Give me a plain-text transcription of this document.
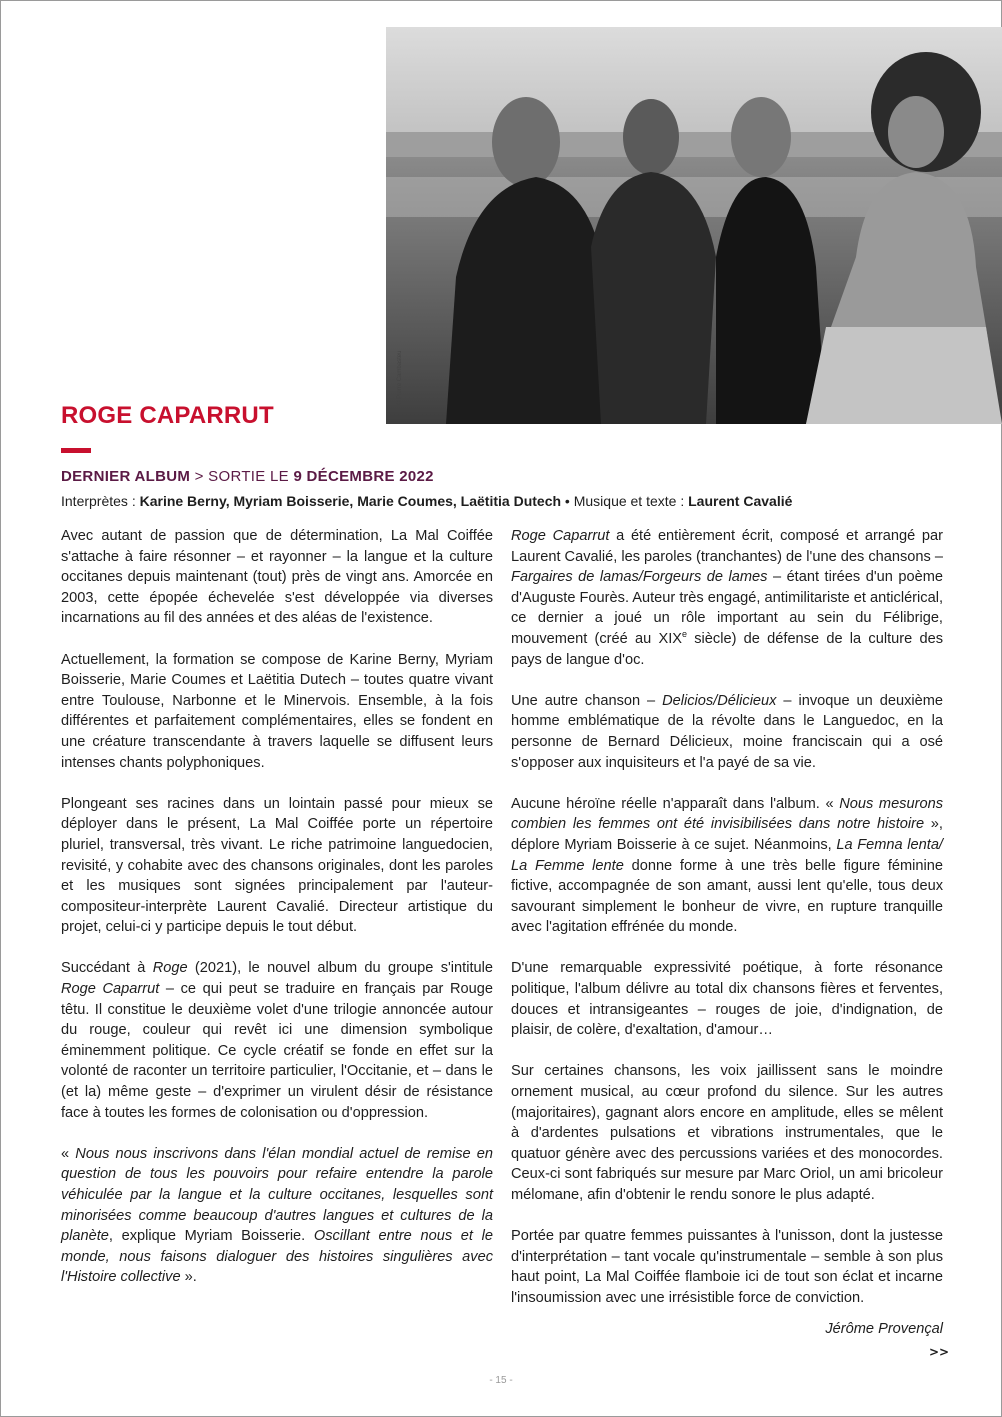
© Pierre Cambasteu
ROGE CAPARRUT
DERNIER ALBUM > SORTIE LE 9 DÉCEMBRE 2022
Interprètes : Karine Berny, Myriam Boisserie, Marie Coumes, Laëtitia Dutech • Musique et texte : Laurent Cavalié

Avec autant de passion que de détermination, La Mal Coiffée s'attache à faire résonner – et rayonner – la langue et la culture occitanes depuis maintenant (tout) près de vingt ans. Amorcée en 2003, cette épopée échevelée s'est développée via diverses incarnations au fil des années et des aléas de l'existence.

Actuellement, la formation se compose de Karine Berny, Myriam Boisserie, Marie Coumes et Laëtitia Dutech – toutes quatre vivant entre Toulouse, Narbonne et le Minervois. Ensemble, à la fois différentes et parfaitement complémentaires, elles se fondent en une créature transcendante à travers laquelle se diffusent leurs intenses chants polyphoniques.

Plongeant ses racines dans un lointain passé pour mieux se déployer dans le présent, La Mal Coiffée porte un répertoire pluriel, transversal, très vivant. Le riche patrimoine languedocien, revisité, y cohabite avec des chansons originales, dont les paroles et les musiques sont signées principalement par l'auteur-compositeur-interprète Laurent Cavalié. Directeur artistique du projet, celui-ci y participe depuis le tout début.

Succédant à Roge (2021), le nouvel album du groupe s'intitule Roge Caparrut – ce qui peut se traduire en français par Rouge têtu. Il constitue le deuxième volet d'une trilogie annoncée autour du rouge, couleur qui revêt ici une dimension symbolique éminemment politique. Ce cycle créatif se fonde en effet sur la volonté de raconter un territoire particulier, l'Occitanie, et – dans le (et la) même geste – d'exprimer un virulent désir de résistance face à toutes les formes de colonisation ou d'oppression.

« Nous nous inscrivons dans l'élan mondial actuel de remise en question de tous les pouvoirs pour refaire entendre la parole véhiculée par la langue et la culture occitanes, lesquelles sont minorisées comme beaucoup d'autres langues et cultures de la planète, explique Myriam Boisserie. Oscillant entre nous et le monde, nous faisons dialoguer des histoires singulières avec l'Histoire collective ».

Roge Caparrut a été entièrement écrit, composé et arrangé par Laurent Cavalié, les paroles (tranchantes) de l'une des chansons – Fargaires de lamas/Forgeurs de lames – étant tirées d'un poème d'Auguste Fourès. Auteur très engagé, antimilitariste et anticlérical, ce dernier a joué un rôle important au sein du Félibrige, mouvement (créé au XIXe siècle) de défense de la culture des pays de langue d'oc.

Une autre chanson – Delicios/Délicieux – invoque un deuxième homme emblématique de la révolte dans le Languedoc, en la personne de Bernard Délicieux, moine franciscain qui a osé s'opposer aux inquisiteurs et l'a payé de sa vie.

Aucune héroïne réelle n'apparaît dans l'album. « Nous mesurons combien les femmes ont été invisibilisées dans notre histoire », déplore Myriam Boisserie à ce sujet. Néanmoins, La Femna lenta/ La Femme lente donne forme à une très belle figure féminine fictive, accompagnée de son amant, aussi lent qu'elle, tous deux savourant simplement le bonheur de vivre, en rupture tranquille avec l'agitation effrénée du monde.

D'une remarquable expressivité poétique, à forte résonance politique, l'album délivre au total dix chansons fières et ferventes, douces et intransigeantes – rouges de joie, d'indignation, de plaisir, de colère, d'exaltation, d'amour…

Sur certaines chansons, les voix jaillissent sans le moindre ornement musical, au cœur profond du silence. Sur les autres (majoritaires), gagnant alors encore en amplitude, elles se mêlent à d'ardentes pulsations et vibrations instrumentales, que le quatuor génère avec des percussions variées et des monocordes. Ceux-ci sont fabriqués sur mesure par Marc Oriol, un ami bricoleur mélomane, afin d'obtenir le rendu sonore le plus adapté.

Portée par quatre femmes puissantes à l'unisson, dont la justesse d'interprétation – tant vocale qu'instrumentale – semble à son plus haut point, La Mal Coiffée flamboie ici de tout son éclat et incarne l'insoumission avec une irrésistible force de conviction.

Jérôme Provençal

>>
- 15 -
